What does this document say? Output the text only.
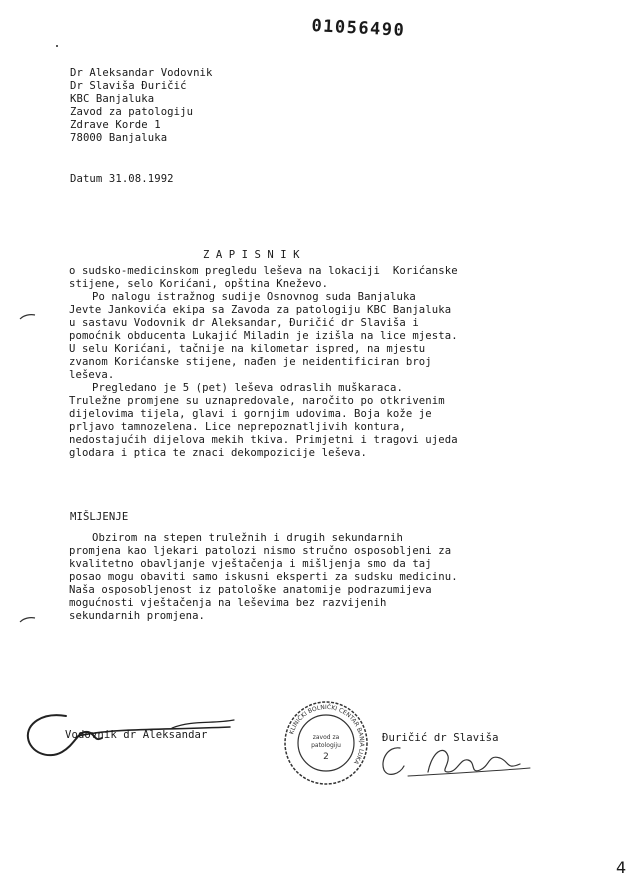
01056490
Dr Aleksandar Vodovnik
Dr Slaviša Đuričić
KBC Banjaluka
Zavod za patologiju
Zdrave Korde 1
78000 Banjaluka
Datum 31.08.1992
ZAPISNIK
o sudsko-medicinskom pregledu leševa na lokaciji  Korićanske
stijene, selo Korićani, opština Kneževo.
Po nalogu istražnog sudije Osnovnog suda Banjaluka
Jevte Jankovića ekipa sa Zavoda za patologiju KBC Banjaluka
u sastavu Vodovnik dr Aleksandar, Đuričić dr Slaviša i
pomoćnik obducenta Lukajić Miladin je izišla na lice mjesta.
U selu Korićani, tačnije na kilometar ispred, na mjestu
zvanom Korićanske stijene, nađen je neidentificiran broj
leševa.
Pregledano je 5 (pet) leševa odraslih muškaraca.
Truležne promjene su uznapredovale, naročito po otkrivenim
dijelovima tijela, glavi i gornjim udovima. Boja kože je
prljavo tamnozelena. Lice neprepoznatljivih kontura,
nedostajućih dijelova mekih tkiva. Primjetni i tragovi ujeda
glodara i ptica te znaci dekompozicije leševa.
MIŠLJENJE
Obzirom na stepen truležnih i drugih sekundarnih
promjena kao ljekari patolozi nismo stručno osposobljeni za
kvalitetno obavljanje vještačenja i mišljenja smo da taj
posao mogu obaviti samo iskusni eksperti za sudsku medicinu.
Naša osposobljenost iz patološke anatomije podrazumijeva
mogućnosti vještačenja na leševima bez razvijenih
sekundarnih promjena.
Vodovnik dr Aleksandar	KLINIČKI BOLNIČKI CENTAR BANJA LUKA
zavod za
patologiju
2
Đuričić dr Slaviša
4
